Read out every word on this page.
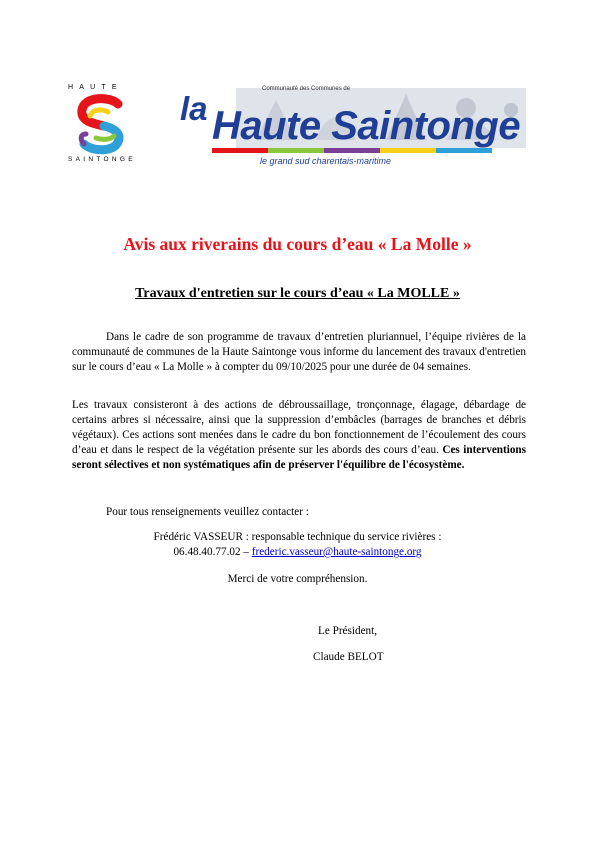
HAUTE
SAINTONGE
Communauté des Communes de
la Haute Saintonge
le grand sud charentais-maritime
Avis aux riverains du cours d’eau « La Molle »
Travaux d'entretien sur le cours d’eau « La MOLLE »
Dans le cadre de son programme de travaux d’entretien pluriannuel, l’équipe rivières de la communauté de communes de la Haute Saintonge vous informe du lancement des travaux d'entretien sur le cours d’eau « La Molle » à compter du 09/10/2025 pour une durée de 04 semaines.
Les travaux consisteront à des actions de débroussaillage, tronçonnage, élagage, débardage de certains arbres si nécessaire, ainsi que la suppression d’embâcles (barrages de branches et débris végétaux). Ces actions sont menées dans le cadre du bon fonctionnement de l’écoulement des cours d’eau et dans le respect de la végétation présente sur les abords des cours d’eau. Ces interventions seront sélectives et non systématiques afin de préserver l'équilibre de l'écosystème.
Pour tous renseignements veuillez contacter :
Frédéric VASSEUR : responsable technique du service rivières :
06.48.40.77.02 – frederic.vasseur@haute-saintonge.org
Merci de votre compréhension.
Le Président,
Claude BELOT
